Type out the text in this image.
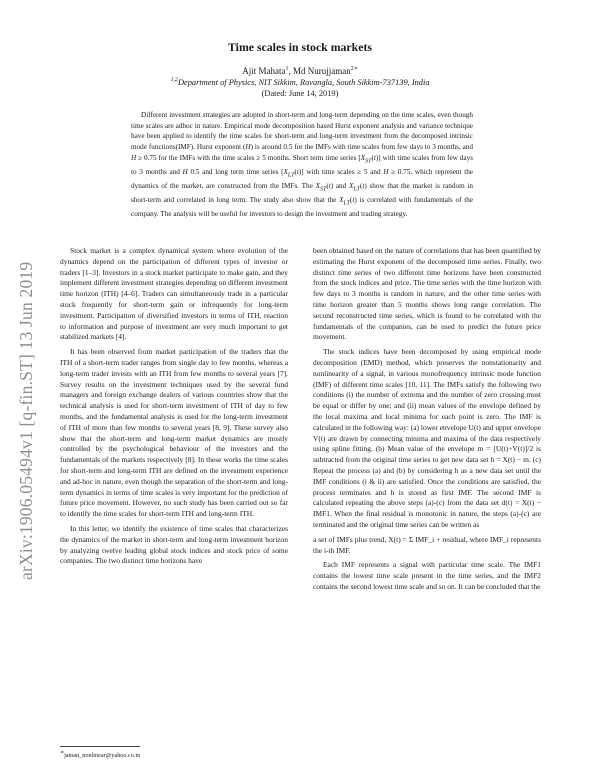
arXiv:1906.05494v1 [q-fin.ST] 13 Jun 2019
Time scales in stock markets
Ajit Mahata$^1$, Md Nurujjaman$^{2∗}$
$^{1,2}$Department of Physics, NIT Sikkim, Ravangla, South Sikkim-737139, India
(Dated: June 14, 2019)
Different investment strategies are adopted in short-term and long-term depending on the time scales, even though time scales are adhoc in nature. Empirical mode decomposition based Hurst exponent analysis and variance technique have been applied to identify the time scales for short-term and long-term investment from the decomposed intrinsic mode functions(IMF). Hurst exponent (H) is around 0.5 for the IMFs with time scales from few days to 3 months, and H ≥ 0.75 for the IMFs with the time scales ≥ 5 months. Short term time series $[X_{ST}(t)]$ with time scales from few days to 3 months and H 0.5 and long term time series $[X_{LT}(t)]$ with time scales ≥ 5 and H ≥ 0.75, which represent the dynamics of the market, are constructed from the IMFs. The $X_{ST}(t)$ and $X_{LT}(t)$ show that the market is random in short-term and correlated in long term. The study also show that the $X_{LT}(t)$ is correlated with fundamentals of the company. The analysis will be useful for investors to design the investment and trading strategy.

Stock market is a complex dynamical system where evolution of the dynamics depend on the participation of different types of investor or traders [1–3]. Investors in a stock market participate to make gain, and they implement different investment strategies depending on different investment time horizon (ITH) [4–6]. Traders can simultaneously trade in a particular stock frequently for short-term gain or infrequently for long-term investment. Participation of diversified investors in terms of ITH, reaction to information and purpose of investment are very much important to get stabilized markets [4].

It has been observed from market participation of the traders that the ITH of a short-term trader ranges from single day to few months, whereas a long-term trader invests with an ITH from few months to several years [7]. Survey results on the investment techniques used by the several fund managers and foreign exchange dealers of various countries show that the technical analysis is used for short-term investment of ITH of day to few months, and the fundamental analysis is used for the long-term investment of ITH of more than few months to several years [8, 9]. These survey also show that the short-term and long-term market dynamics are mostly controlled by the psychological behaviour of the investors and the fundamentals of the markets respectively [8]. In these works the time scales for short-term and long-term ITH are defined on the investment experience and ad-hoc in nature, even though the separation of the short-term and long-term dynamics in terms of time scales is very important for the prediction of future price movement. However, no such study has been carried out so far to identify the time scales for short-term ITH and long-term ITH.

In this letter, we identify the existence of time scales that characterizes the dynamics of the market in short-term and long-term investment horizon by analyzing twelve leading global stock indices and stock price of some companies. The two distinct time horizons have

been obtained based on the nature of correlations that has been quantified by estimating the Hurst exponent of the decomposed time series. Finally, two distinct time series of two different time horizons have been constructed from the stock indices and price. The time series with the time horizon with few days to 3 months is random in nature, and the other time series with time horizon greater than 5 months shows long range correlation. The second reconstructed time series, which is found to be correlated with the fundamentals of the companies, can be used to predict the future price movement.

The stock indices have been decomposed by using empirical mode decomposition (EMD) method, which preserves the nonstationarity and nonlinearity of a signal, in various monofrequency intrinsic mode function (IMF) of different time scales [10, 11]. The IMFs satisfy the following two conditions (i) the number of extrema and the number of zero crossing must be equal or differ by one; and (ii) mean values of the envelope defined by the local maxima and local minima for each point is zero. The IMF is calculated in the following way: (a) lower envelope U(t) and upper envelope V(t) are drawn by connecting minima and maxima of the data respectively using spline fitting. (b) Mean value of the envelope m = [U(t)+V(t)]/2 is subtracted from the original time series to get new data set h = X(t) − m. (c) Repeat the process (a) and (b) by considering h as a new data set until the IMF conditions (i & ii) are satisfied. Once the conditions are satisfied, the process terminates and h is stored as first IMF. The second IMF is calculated repeating the above steps (a)-(c) from the data set d(t) = X(t) − IMF1. When the final residual is monotonic in nature, the steps (a)-(c) are terminated and the original time series can be written as

a set of IMFs plus trend, X(t) = Σ IMF_i + residual, where IMF_i represents the i-th IMF.

Each IMF represents a signal with particular time scale. The IMF1 contains the lowest time scale present in the time series, and the IMF2 contains the second lowest time scale and so on. It can be concluded that the

∗jaman_nonlinear@yahoo.co.in
